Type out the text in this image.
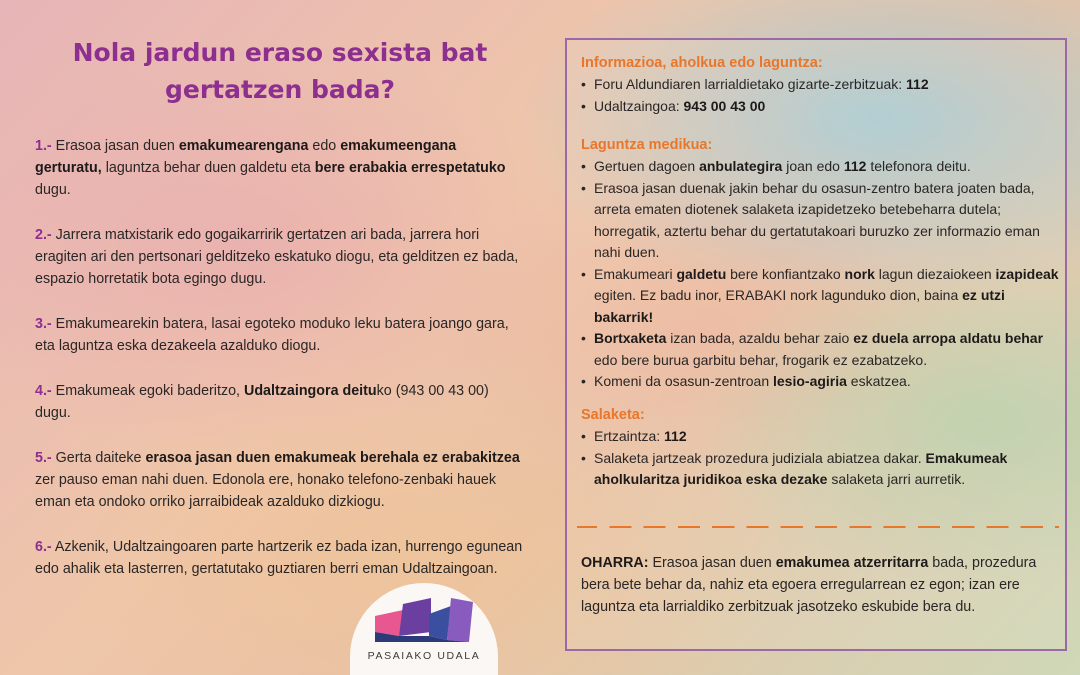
Nola jardun eraso sexista bat
gertatzen bada?

1.- Erasoa jasan duen emakumearengana edo emakumeengana gerturatu, laguntza behar duen galdetu eta bere erabakia errespetatuko dugu.

2.- Jarrera matxistarik edo gogaikarririk gertatzen ari bada, jarrera hori eragiten ari den pertsonari gelditzeko eskatuko diogu, eta gelditzen ez bada, espazio horretatik bota egingo dugu.

3.- Emakumearekin batera, lasai egoteko moduko leku batera joango gara, eta laguntza eska dezakeela azalduko diogu.

4.- Emakumeak egoki baderitzo, Udaltzaingora deituko (943 00 43 00) dugu.

5.- Gerta daiteke erasoa jasan duen emakumeak berehala ez erabakitzea zer pauso eman nahi duen. Edonola ere, honako telefono-zenbaki hauek eman eta ondoko orriko jarraibideak azalduko dizkiogu.

6.- Azkenik, Udaltzaingoaren parte hartzerik ez bada izan, hurrengo egunean edo ahalik eta lasterren, gertatutako guztiaren berri eman Udaltzaingoan.

Informazioa, aholkua edo laguntza:
• Foru Aldundiaren larrialdietako gizarte-zerbitzuak: 112
• Udaltzaingoa: 943 00 43 00
Laguntza medikua:
• Gertuen dagoen anbulategira joan edo 112 telefonora deitu.
• Erasoa jasan duenak jakin behar du osasun-zentro batera joaten bada, arreta ematen diotenek salaketa izapidetzeko betebeharra dutela; horregatik, aztertu behar du gertatutakoari buruzko zer informazio eman nahi duen.
• Emakumeari galdetu bere konfiantzako nork lagun diezaiokeen izapideak egiten. Ez badu inor, ERABAKI nork lagunduko dion, baina ez utzi bakarrik!
• Bortxaketa izan bada, azaldu behar zaio ez duela arropa aldatu behar edo bere burua garbitu behar, frogarik ez ezabatzeko.
• Komeni da osasun-zentroan lesio-agiria eskatzea.
Salaketa:
• Ertzaintza: 112
• Salaketa jartzeak prozedura judiziala abiatzea dakar. Emakumeak aholkularitza juridikoa eska dezake salaketa jarri aurretik.

OHARRA: Erasoa jasan duen emakumea atzerritarra bada, prozedura bera bete behar da, nahiz eta egoera erregularrean ez egon; izan ere laguntza eta larrialdiko zerbitzuak jasotzeko eskubide bera du.

PASAIAKO UDALA
